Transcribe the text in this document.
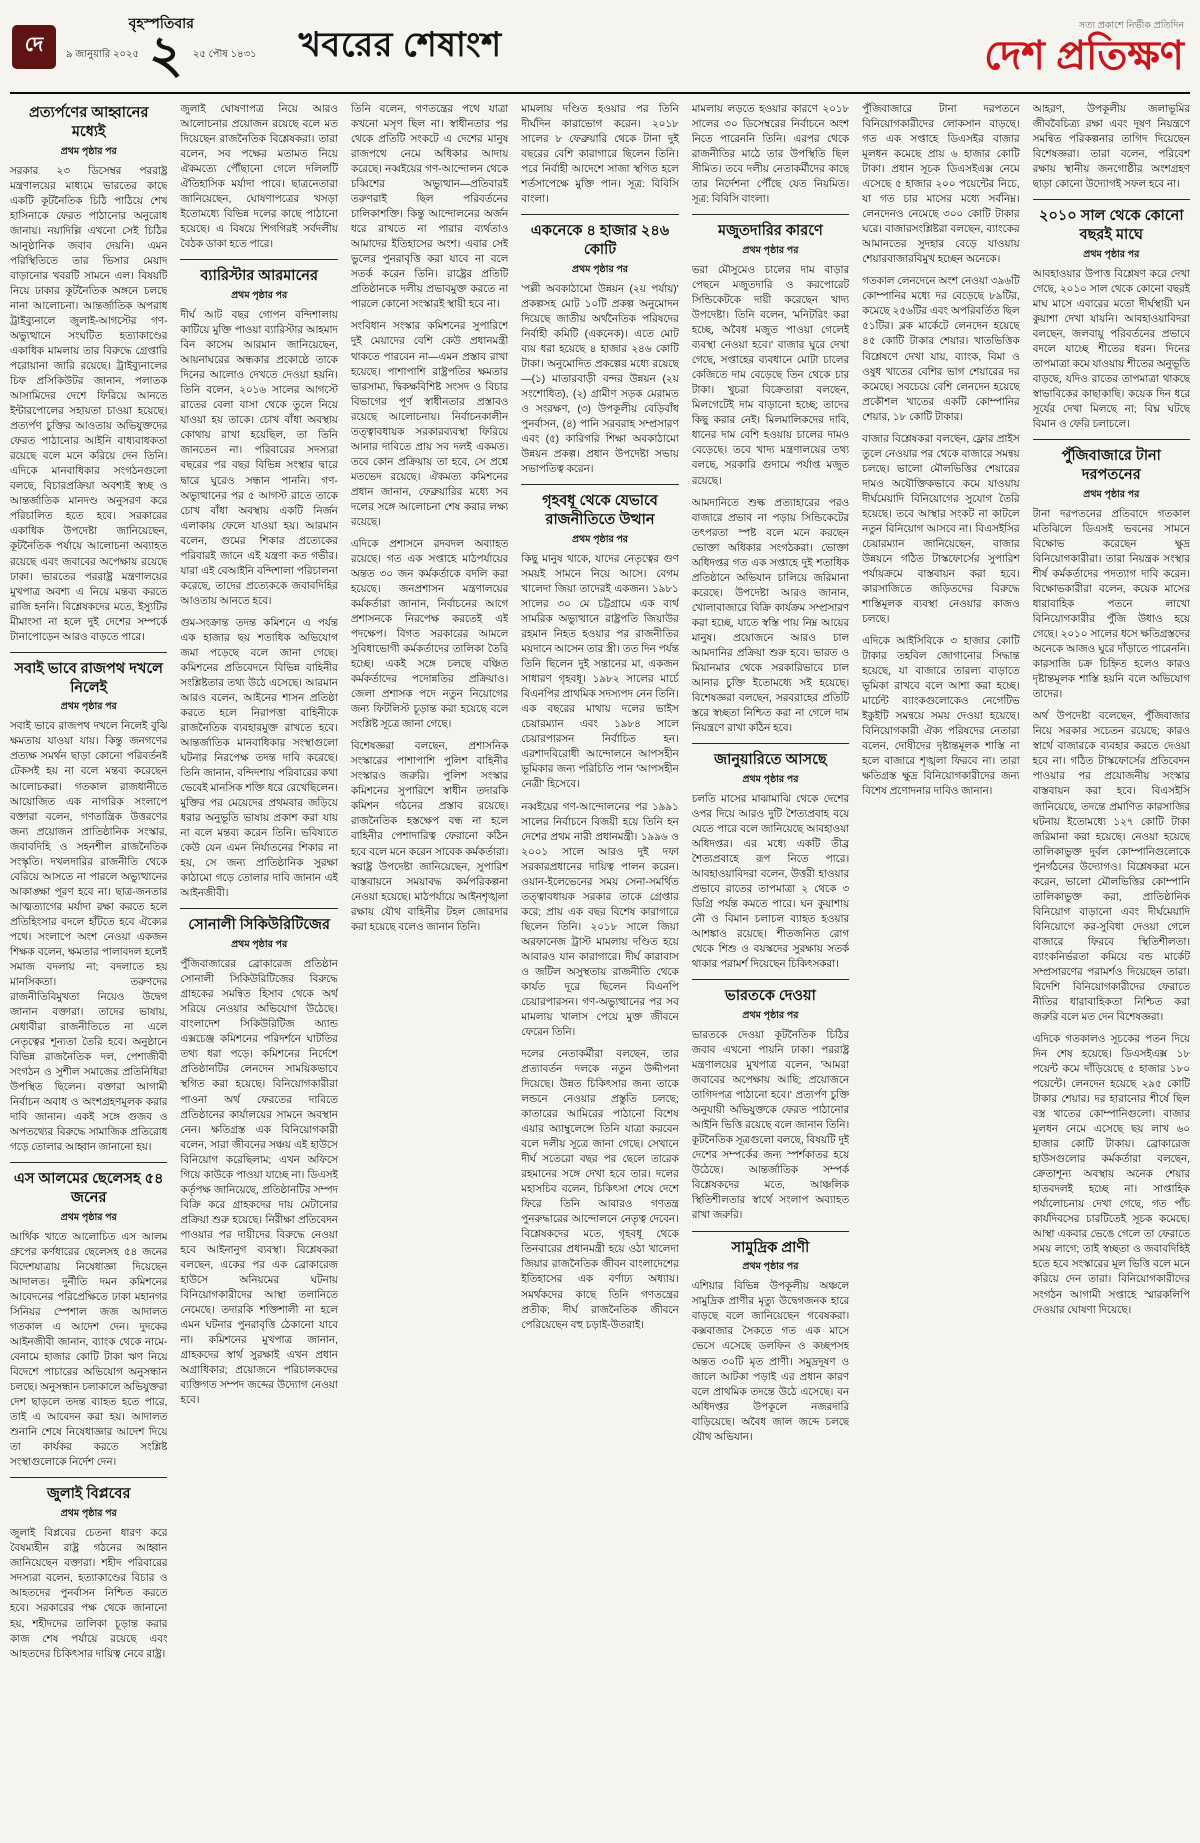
দে
বৃহস্পতিবার
৯ জানুয়ারি ২০২৫ ২ ২৫ পৌষ ১৪৩১ খবরের শেষাংশ
সত্য প্রকাশে নির্ভীক প্রতিদিন
দেশ প্রতিক্ষণ
প্রত্যর্পণের আহ্বানের মধ্যেই
প্রথম পৃষ্ঠার পর

সরকার ২৩ ডিসেম্বর পররাষ্ট্র মন্ত্রণালয়ের মাধ্যমে ভারতের কাছে একটি কূটনৈতিক চিঠি পাঠিয়ে শেখ হাসিনাকে ফেরত পাঠানোর অনুরোধ জানায়। নয়াদিল্লি এখনো সেই চিঠির আনুষ্ঠানিক জবাব দেয়নি। এমন পরিস্থিতিতে তার ভিসার মেয়াদ বাড়ানোর খবরটি সামনে এল। বিষয়টি নিয়ে ঢাকার কূটনৈতিক অঙ্গনে চলছে নানা আলোচনা। আন্তর্জাতিক অপরাধ ট্রাইব্যুনালে জুলাই-আগস্টের গণ-অভ্যুত্থানে সংঘটিত হত্যাকাণ্ডের একাধিক মামলায় তার বিরুদ্ধে গ্রেপ্তারি পরোয়ানা জারি রয়েছে। ট্রাইব্যুনালের চিফ প্রসিকিউটর জানান, পলাতক আসামিদের দেশে ফিরিয়ে আনতে ইন্টারপোলের সহায়তা চাওয়া হয়েছে। প্রত্যর্পণ চুক্তির আওতায় অভিযুক্তদের ফেরত পাঠানোর আইনি বাধ্যবাধকতা রয়েছে বলে মনে করিয়ে দেন তিনি। এদিকে মানবাধিকার সংগঠনগুলো বলছে, বিচারপ্রক্রিয়া অবশ্যই স্বচ্ছ ও আন্তর্জাতিক মানদণ্ড অনুসরণ করে পরিচালিত হতে হবে। সরকারের একাধিক উপদেষ্টা জানিয়েছেন, কূটনৈতিক পর্যায়ে আলোচনা অব্যাহত রয়েছে এবং জবাবের অপেক্ষায় রয়েছে ঢাকা। ভারতের পররাষ্ট্র মন্ত্রণালয়ের মুখপাত্র অবশ্য এ নিয়ে মন্তব্য করতে রাজি হননি। বিশ্লেষকদের মতে, ইস্যুটির মীমাংসা না হলে দুই দেশের সম্পর্কে টানাপোড়েন আরও বাড়তে পারে।

সবাই ভাবে রাজপথ দখলে নিলেই
প্রথম পৃষ্ঠার পর

সবাই ভাবে রাজপথ দখলে নিলেই বুঝি ক্ষমতায় যাওয়া যায়। কিন্তু জনগণের প্রত্যক্ষ সমর্থন ছাড়া কোনো পরিবর্তনই টেকসই হয় না বলে মন্তব্য করেছেন আলোচকরা। গতকাল রাজধানীতে আয়োজিত এক নাগরিক সংলাপে বক্তারা বলেন, গণতান্ত্রিক উত্তরণের জন্য প্রয়োজন প্রাতিষ্ঠানিক সংস্কার, জবাবদিহি ও সহনশীল রাজনৈতিক সংস্কৃতি। দখলদারির রাজনীতি থেকে বেরিয়ে আসতে না পারলে অভ্যুত্থানের আকাঙ্ক্ষা পূরণ হবে না। ছাত্র-জনতার আত্মত্যাগের মর্যাদা রক্ষা করতে হলে প্রতিহিংসার বদলে হাঁটতে হবে ঐক্যের পথে। সংলাপে অংশ নেওয়া একজন শিক্ষক বলেন, ক্ষমতার পালাবদল হলেই সমাজ বদলায় না; বদলাতে হয় মানসিকতা। তরুণদের রাজনীতিবিমুখতা নিয়েও উদ্বেগ জানান বক্তারা। তাদের ভাষায়, মেধাবীরা রাজনীতিতে না এলে নেতৃত্বের শূন্যতা তৈরি হবে। অনুষ্ঠানে বিভিন্ন রাজনৈতিক দল, পেশাজীবী সংগঠন ও সুশীল সমাজের প্রতিনিধিরা উপস্থিত ছিলেন। বক্তারা আগামী নির্বাচন অবাধ ও অংশগ্রহণমূলক করার দাবি জানান। একই সঙ্গে গুজব ও অপতথ্যের বিরুদ্ধে সামাজিক প্রতিরোধ গড়ে তোলার আহ্বান জানানো হয়।

এস আলমের ছেলেসহ ৫৪ জনের
প্রথম পৃষ্ঠার পর

আর্থিক খাতে আলোচিত এস আলম গ্রুপের কর্ণধারের ছেলেসহ ৫৪ জনের বিদেশযাত্রায় নিষেধাজ্ঞা দিয়েছেন আদালত। দুর্নীতি দমন কমিশনের আবেদনের পরিপ্রেক্ষিতে ঢাকা মহানগর সিনিয়র স্পেশাল জজ আদালত গতকাল এ আদেশ দেন। দুদকের আইনজীবী জানান, ব্যাংক থেকে নামে-বেনামে হাজার কোটি টাকা ঋণ নিয়ে বিদেশে পাচারের অভিযোগ অনুসন্ধান চলছে। অনুসন্ধান চলাকালে অভিযুক্তরা দেশ ছাড়লে তদন্ত ব্যাহত হতে পারে, তাই এ আবেদন করা হয়। আদালত শুনানি শেষে নিষেধাজ্ঞার আদেশ দিয়ে তা কার্যকর করতে সংশ্লিষ্ট সংস্থাগুলোকে নির্দেশ দেন।

জুলাই বিপ্লবের
প্রথম পৃষ্ঠার পর

জুলাই বিপ্লবের চেতনা ধারণ করে বৈষম্যহীন রাষ্ট্র গঠনের আহ্বান জানিয়েছেন বক্তারা। শহীদ পরিবারের সদস্যরা বলেন, হত্যাকাণ্ডের বিচার ও আহতদের পুনর্বাসন নিশ্চিত করতে হবে। সরকারের পক্ষ থেকে জানানো হয়, শহীদদের তালিকা চূড়ান্ত করার কাজ শেষ পর্যায়ে রয়েছে এবং আহতদের চিকিৎসার দায়িত্ব নেবে রাষ্ট্র।

জুলাই ঘোষণাপত্র নিয়ে আরও আলোচনার প্রয়োজন রয়েছে বলে মত দিয়েছেন রাজনৈতিক বিশ্লেষকরা। তারা বলেন, সব পক্ষের মতামত নিয়ে ঐকমত্যে পৌঁছানো গেলে দলিলটি ঐতিহাসিক মর্যাদা পাবে। ছাত্রনেতারা জানিয়েছেন, ঘোষণাপত্রের খসড়া ইতোমধ্যে বিভিন্ন দলের কাছে পাঠানো হয়েছে। এ বিষয়ে শিগগিরই সর্বদলীয় বৈঠক ডাকা হতে পারে।

ব্যারিস্টার আরমানের
প্রথম পৃষ্ঠার পর

দীর্ঘ আট বছর গোপন বন্দিশালায় কাটিয়ে মুক্তি পাওয়া ব্যারিস্টার আহমাদ বিন কাসেম আরমান জানিয়েছেন, আয়নাঘরের অন্ধকার প্রকোষ্ঠে তাকে দিনের আলোও দেখতে দেওয়া হয়নি। তিনি বলেন, ২০১৬ সালের আগস্টে রাতের বেলা বাসা থেকে তুলে নিয়ে যাওয়া হয় তাকে। চোখ বাঁধা অবস্থায় কোথায় রাখা হয়েছিল, তা তিনি জানতেন না। পরিবারের সদস্যরা বছরের পর বছর বিভিন্ন সংস্থার দ্বারে দ্বারে ঘুরেও সন্ধান পাননি। গণ-অভ্যুত্থানের পর ৫ আগস্ট রাতে তাকে চোখ বাঁধা অবস্থায় একটি নির্জন এলাকায় ফেলে যাওয়া হয়। আরমান বলেন, গুমের শিকার প্রত্যেকের পরিবারই জানে এই যন্ত্রণা কত গভীর। যারা এই বেআইনি বন্দিশালা পরিচালনা করেছে, তাদের প্রত্যেককে জবাবদিহির আওতায় আনতে হবে।

গুম-সংক্রান্ত তদন্ত কমিশনে এ পর্যন্ত এক হাজার ছয় শতাধিক অভিযোগ জমা পড়েছে বলে জানা গেছে। কমিশনের প্রতিবেদনে বিভিন্ন বাহিনীর সংশ্লিষ্টতার তথ্য উঠে এসেছে। আরমান আরও বলেন, আইনের শাসন প্রতিষ্ঠা করতে হলে নিরাপত্তা বাহিনীকে রাজনৈতিক ব্যবহারমুক্ত রাখতে হবে। আন্তর্জাতিক মানবাধিকার সংস্থাগুলো ঘটনার নিরপেক্ষ তদন্ত দাবি করেছে। তিনি জানান, বন্দিদশায় পরিবারের কথা ভেবেই মানসিক শক্তি ধরে রেখেছিলেন। মুক্তির পর মেয়েদের প্রথমবার জড়িয়ে ধরার অনুভূতি ভাষায় প্রকাশ করা যায় না বলে মন্তব্য করেন তিনি। ভবিষ্যতে কেউ যেন এমন নির্যাতনের শিকার না হয়, সে জন্য প্রাতিষ্ঠানিক সুরক্ষা কাঠামো গড়ে তোলার দাবি জানান এই আইনজীবী।

সোনালী সিকিউরিটিজের
প্রথম পৃষ্ঠার পর

পুঁজিবাজারের ব্রোকারেজ প্রতিষ্ঠান সোনালী সিকিউরিটিজের বিরুদ্ধে গ্রাহকের সমন্বিত হিসাব থেকে অর্থ সরিয়ে নেওয়ার অভিযোগ উঠেছে। বাংলাদেশ সিকিউরিটিজ অ্যান্ড এক্সচেঞ্জ কমিশনের পরিদর্শনে ঘাটতির তথ্য ধরা পড়ে। কমিশনের নির্দেশে প্রতিষ্ঠানটির লেনদেন সাময়িকভাবে স্থগিত করা হয়েছে। বিনিয়োগকারীরা পাওনা অর্থ ফেরতের দাবিতে প্রতিষ্ঠানের কার্যালয়ের সামনে অবস্থান নেন। ক্ষতিগ্রস্ত এক বিনিয়োগকারী বলেন, সারা জীবনের সঞ্চয় এই হাউসে বিনিয়োগ করেছিলাম; এখন অফিসে গিয়ে কাউকে পাওয়া যাচ্ছে না। ডিএসই কর্তৃপক্ষ জানিয়েছে, প্রতিষ্ঠানটির সম্পদ বিক্রি করে গ্রাহকদের দায় মেটানোর প্রক্রিয়া শুরু হয়েছে। নিরীক্ষা প্রতিবেদন পাওয়ার পর দায়ীদের বিরুদ্ধে নেওয়া হবে আইনানুগ ব্যবস্থা। বিশ্লেষকরা বলছেন, একের পর এক ব্রোকারেজ হাউসে অনিয়মের ঘটনায় বিনিয়োগকারীদের আস্থা তলানিতে নেমেছে। তদারকি শক্তিশালী না হলে এমন ঘটনার পুনরাবৃত্তি ঠেকানো যাবে না। কমিশনের মুখপাত্র জানান, গ্রাহকদের স্বার্থ সুরক্ষাই এখন প্রধান অগ্রাধিকার; প্রয়োজনে পরিচালকদের ব্যক্তিগত সম্পদ জব্দের উদ্যোগ নেওয়া হবে।

তিনি বলেন, গণতন্ত্রের পথে যাত্রা কখনো মসৃণ ছিল না। স্বাধীনতার পর থেকে প্রতিটি সংকটে এ দেশের মানুষ রাজপথে নেমে অধিকার আদায় করেছে। নব্বইয়ের গণ-আন্দোলন থেকে চব্বিশের অভ্যুত্থান—প্রতিবারই তরুণরাই ছিল পরিবর্তনের চালিকাশক্তি। কিন্তু আন্দোলনের অর্জন ধরে রাখতে না পারার ব্যর্থতাও আমাদের ইতিহাসের অংশ। এবার সেই ভুলের পুনরাবৃত্তি করা যাবে না বলে সতর্ক করেন তিনি। রাষ্ট্রের প্রতিটি প্রতিষ্ঠানকে দলীয় প্রভাবমুক্ত করতে না পারলে কোনো সংস্কারই স্থায়ী হবে না।

সংবিধান সংস্কার কমিশনের সুপারিশে দুই মেয়াদের বেশি কেউ প্রধানমন্ত্রী থাকতে পারবেন না—এমন প্রস্তাব রাখা হয়েছে। পাশাপাশি রাষ্ট্রপতির ক্ষমতার ভারসাম্য, দ্বিকক্ষবিশিষ্ট সংসদ ও বিচার বিভাগের পূর্ণ স্বাধীনতার প্রস্তাবও রয়েছে আলোচনায়। নির্বাচনকালীন তত্ত্বাবধায়ক সরকারব্যবস্থা ফিরিয়ে আনার দাবিতে প্রায় সব দলই একমত। তবে কোন প্রক্রিয়ায় তা হবে, সে প্রশ্নে মতভেদ রয়েছে। ঐকমত্য কমিশনের প্রধান জানান, ফেব্রুয়ারির মধ্যে সব দলের সঙ্গে আলোচনা শেষ করার লক্ষ্য রয়েছে।

এদিকে প্রশাসনে রদবদল অব্যাহত রয়েছে। গত এক সপ্তাহে মাঠপর্যায়ের অন্তত ৩০ জন কর্মকর্তাকে বদলি করা হয়েছে। জনপ্রশাসন মন্ত্রণালয়ের কর্মকর্তারা জানান, নির্বাচনের আগে প্রশাসনকে নিরপেক্ষ করতেই এই পদক্ষেপ। বিগত সরকারের আমলে সুবিধাভোগী কর্মকর্তাদের তালিকা তৈরি হচ্ছে। একই সঙ্গে চলছে বঞ্চিত কর্মকর্তাদের পদোন্নতির প্রক্রিয়াও। জেলা প্রশাসক পদে নতুন নিয়োগের জন্য ফিটলিস্ট চূড়ান্ত করা হয়েছে বলে সংশ্লিষ্ট সূত্রে জানা গেছে।

বিশেষজ্ঞরা বলছেন, প্রশাসনিক সংস্কারের পাশাপাশি পুলিশ বাহিনীর সংস্কারও জরুরি। পুলিশ সংস্কার কমিশনের সুপারিশে স্বাধীন তদারকি কমিশন গঠনের প্রস্তাব রয়েছে। রাজনৈতিক হস্তক্ষেপ বন্ধ না হলে বাহিনীর পেশাদারিত্ব ফেরানো কঠিন হবে বলে মনে করেন সাবেক কর্মকর্তারা। স্বরাষ্ট্র উপদেষ্টা জানিয়েছেন, সুপারিশ বাস্তবায়নে সময়াবদ্ধ কর্মপরিকল্পনা নেওয়া হয়েছে। মাঠপর্যায়ে আইনশৃঙ্খলা রক্ষায় যৌথ বাহিনীর টহল জোরদার করা হয়েছে বলেও জানান তিনি।

মামলায় দণ্ডিত হওয়ার পর তিনি দীর্ঘদিন কারাভোগ করেন। ২০১৮ সালের ৮ ফেব্রুয়ারি থেকে টানা দুই বছরের বেশি কারাগারে ছিলেন তিনি। পরে নির্বাহী আদেশে সাজা স্থগিত হলে শর্তসাপেক্ষে মুক্তি পান। সূত্র: বিবিসি বাংলা।

একনেকে ৪ হাজার ২৪৬ কোটি
প্রথম পৃষ্ঠার পর

'পল্লী অবকাঠামো উন্নয়ন (২য় পর্যায়)' প্রকল্পসহ মোট ১০টি প্রকল্প অনুমোদন দিয়েছে জাতীয় অর্থনৈতিক পরিষদের নির্বাহী কমিটি (একনেক)। এতে মোট ব্যয় ধরা হয়েছে ৪ হাজার ২৪৬ কোটি টাকা। অনুমোদিত প্রকল্পের মধ্যে রয়েছে—(১) মাতারবাড়ী বন্দর উন্নয়ন (২য় সংশোধিত), (২) গ্রামীণ সড়ক মেরামত ও সংরক্ষণ, (৩) উপকূলীয় বেড়িবাঁধ পুনর্বাসন, (৪) পানি সরবরাহ সম্প্রসারণ এবং (৫) কারিগরি শিক্ষা অবকাঠামো উন্নয়ন প্রকল্প। প্রধান উপদেষ্টা সভায় সভাপতিত্ব করেন।

গৃহবধূ থেকে যেভাবে রাজনীতিতে উত্থান
প্রথম পৃষ্ঠার পর

কিছু মানুষ থাকে, যাদের নেতৃত্বের গুণ সময়ই সামনে নিয়ে আসে। বেগম খালেদা জিয়া তাদেরই একজন। ১৯৮১ সালের ৩০ মে চট্টগ্রামে এক ব্যর্থ সামরিক অভ্যুত্থানে রাষ্ট্রপতি জিয়াউর রহমান নিহত হওয়ার পর রাজনীতির ময়দানে আসেন তার স্ত্রী। তত দিন পর্যন্ত তিনি ছিলেন দুই সন্তানের মা, একজন সাধারণ গৃহবধূ। ১৯৮২ সালের মার্চে বিএনপির প্রাথমিক সদস্যপদ নেন তিনি। এক বছরের মাথায় দলের ভাইস চেয়ারম্যান এবং ১৯৮৪ সালে চেয়ারপারসন নির্বাচিত হন। এরশাদবিরোধী আন্দোলনে আপসহীন ভূমিকার জন্য পরিচিতি পান 'আপসহীন নেত্রী' হিসেবে।

নব্বইয়ের গণ-আন্দোলনের পর ১৯৯১ সালের নির্বাচনে বিজয়ী হয়ে তিনি হন দেশের প্রথম নারী প্রধানমন্ত্রী। ১৯৯৬ ও ২০০১ সালে আরও দুই দফা সরকারপ্রধানের দায়িত্ব পালন করেন। ওয়ান-ইলেভেনের সময় সেনা-সমর্থিত তত্ত্বাবধায়ক সরকার তাকে গ্রেপ্তার করে; প্রায় এক বছর বিশেষ কারাগারে ছিলেন তিনি। ২০১৮ সালে জিয়া অরফানেজ ট্রাস্ট মামলায় দণ্ডিত হয়ে আবারও যান কারাগারে। দীর্ঘ কারাবাস ও জটিল অসুস্থতায় রাজনীতি থেকে কার্যত দূরে ছিলেন বিএনপি চেয়ারপারসন। গণ-অভ্যুত্থানের পর সব মামলায় খালাস পেয়ে মুক্ত জীবনে ফেরেন তিনি।

দলের নেতাকর্মীরা বলছেন, তার প্রত্যাবর্তন দলকে নতুন উদ্দীপনা দিয়েছে। উন্নত চিকিৎসার জন্য তাকে লন্ডনে নেওয়ার প্রস্তুতি চলছে; কাতারের আমিরের পাঠানো বিশেষ এয়ার অ্যাম্বুলেন্সে তিনি যাত্রা করবেন বলে দলীয় সূত্রে জানা গেছে। সেখানে দীর্ঘ সতেরো বছর পর ছেলে তারেক রহমানের সঙ্গে দেখা হবে তার। দলের মহাসচিব বলেন, চিকিৎসা শেষে দেশে ফিরে তিনি আবারও গণতন্ত্র পুনরুদ্ধারের আন্দোলনে নেতৃত্ব দেবেন। বিশ্লেষকদের মতে, গৃহবধূ থেকে তিনবারের প্রধানমন্ত্রী হয়ে ওঠা খালেদা জিয়ার রাজনৈতিক জীবন বাংলাদেশের ইতিহাসের এক বর্ণাঢ্য অধ্যায়। সমর্থকদের কাছে তিনি গণতন্ত্রের প্রতীক; দীর্ঘ রাজনৈতিক জীবনে পেরিয়েছেন বহু চড়াই-উতরাই।

মামলায় লড়তে হওয়ার কারণে ২০১৮ সালের ৩০ ডিসেম্বরের নির্বাচনে অংশ নিতে পারেননি তিনি। এরপর থেকে রাজনীতির মাঠে তার উপস্থিতি ছিল সীমিত। তবে দলীয় নেতাকর্মীদের কাছে তার নির্দেশনা পৌঁছে যেত নিয়মিত। সূত্র: বিবিসি বাংলা।

মজুতদারির কারণে
প্রথম পৃষ্ঠার পর

ভরা মৌসুমেও চালের দাম বাড়ার পেছনে মজুতদারি ও করপোরেট সিন্ডিকেটকে দায়ী করেছেন খাদ্য উপদেষ্টা। তিনি বলেন, 'মনিটরিং করা হচ্ছে, অবৈধ মজুত পাওয়া গেলেই ব্যবস্থা নেওয়া হবে।' বাজার ঘুরে দেখা গেছে, সপ্তাহের ব্যবধানে মোটা চালের কেজিতে দাম বেড়েছে তিন থেকে চার টাকা। খুচরা বিক্রেতারা বলছেন, মিলগেটেই দাম বাড়ানো হচ্ছে; তাদের কিছু করার নেই। মিলমালিকদের দাবি, ধানের দাম বেশি হওয়ায় চালের দামও বেড়েছে। তবে খাদ্য মন্ত্রণালয়ের তথ্য বলছে, সরকারি গুদামে পর্যাপ্ত মজুত রয়েছে।

আমদানিতে শুল্ক প্রত্যাহারের পরও বাজারে প্রভাব না পড়ায় সিন্ডিকেটের তৎপরতা স্পষ্ট বলে মনে করছেন ভোক্তা অধিকার সংগঠকরা। ভোক্তা অধিদপ্তর গত এক সপ্তাহে দুই শতাধিক প্রতিষ্ঠানে অভিযান চালিয়ে জরিমানা করেছে। উপদেষ্টা আরও জানান, খোলাবাজারে বিক্রি কার্যক্রম সম্প্রসারণ করা হচ্ছে, যাতে স্বস্তি পায় নিম্ন আয়ের মানুষ। প্রয়োজনে আরও চাল আমদানির প্রক্রিয়া শুরু হবে। ভারত ও মিয়ানমার থেকে সরকারিভাবে চাল আনার চুক্তি ইতোমধ্যে সই হয়েছে। বিশেষজ্ঞরা বলছেন, সরবরাহের প্রতিটি স্তরে স্বচ্ছতা নিশ্চিত করা না গেলে দাম নিয়ন্ত্রণে রাখা কঠিন হবে।

জানুয়ারিতে আসছে
প্রথম পৃষ্ঠার পর

চলতি মাসের মাঝামাঝি থেকে দেশের ওপর দিয়ে আরও দুটি শৈত্যপ্রবাহ বয়ে যেতে পারে বলে জানিয়েছে আবহাওয়া অধিদপ্তর। এর মধ্যে একটি তীব্র শৈত্যপ্রবাহে রূপ নিতে পারে। আবহাওয়াবিদরা বলেন, উত্তরী হাওয়ার প্রভাবে রাতের তাপমাত্রা ২ থেকে ৩ ডিগ্রি পর্যন্ত কমতে পারে। ঘন কুয়াশায় নৌ ও বিমান চলাচল ব্যাহত হওয়ার আশঙ্কাও রয়েছে। শীতজনিত রোগ থেকে শিশু ও বয়স্কদের সুরক্ষায় সতর্ক থাকার পরামর্শ দিয়েছেন চিকিৎসকরা।

ভারতকে দেওয়া
প্রথম পৃষ্ঠার পর

ভারতকে দেওয়া কূটনৈতিক চিঠির জবাব এখনো পায়নি ঢাকা। পররাষ্ট্র মন্ত্রণালয়ের মুখপাত্র বলেন, 'আমরা জবাবের অপেক্ষায় আছি; প্রয়োজনে তাগিদপত্র পাঠানো হবে।' প্রত্যর্পণ চুক্তি অনুযায়ী অভিযুক্তকে ফেরত পাঠানোর আইনি ভিত্তি রয়েছে বলে জানান তিনি। কূটনৈতিক সূত্রগুলো বলছে, বিষয়টি দুই দেশের সম্পর্কের জন্য স্পর্শকাতর হয়ে উঠেছে। আন্তর্জাতিক সম্পর্ক বিশ্লেষকদের মতে, আঞ্চলিক স্থিতিশীলতার স্বার্থে সংলাপ অব্যাহত রাখা জরুরি।

সামুদ্রিক প্রাণী
প্রথম পৃষ্ঠার পর

এশিয়ার বিভিন্ন উপকূলীয় অঞ্চলে সামুদ্রিক প্রাণীর মৃত্যু উদ্বেগজনক হারে বাড়ছে বলে জানিয়েছেন গবেষকরা। কক্সবাজার সৈকতে গত এক মাসে ভেসে এসেছে ডলফিন ও কচ্ছপসহ অন্তত ৩০টি মৃত প্রাণী। সমুদ্রদূষণ ও জালে আটকা পড়াই এর প্রধান কারণ বলে প্রাথমিক তদন্তে উঠে এসেছে। বন অধিদপ্তর উপকূলে নজরদারি বাড়িয়েছে। অবৈধ জাল জব্দে চলছে যৌথ অভিযান।

পুঁজিবাজারে টানা দরপতনে বিনিয়োগকারীদের লোকসান বাড়ছে। গত এক সপ্তাহে ডিএসইর বাজার মূলধন কমেছে প্রায় ৬ হাজার কোটি টাকা। প্রধান সূচক ডিএসইএক্স নেমে এসেছে ৫ হাজার ২০০ পয়েন্টের নিচে, যা গত চার মাসের মধ্যে সর্বনিম্ন। লেনদেনও নেমেছে ৩০০ কোটি টাকার ঘরে। বাজারসংশ্লিষ্টরা বলছেন, ব্যাংকের আমানতের সুদহার বেড়ে যাওয়ায় শেয়ারবাজারবিমুখ হচ্ছেন অনেকে।

গতকাল লেনদেনে অংশ নেওয়া ৩৯৬টি কোম্পানির মধ্যে দর বেড়েছে ৮৯টির, কমেছে ২৫৬টির এবং অপরিবর্তিত ছিল ৫১টির। ব্লক মার্কেটে লেনদেন হয়েছে ৪৫ কোটি টাকার শেয়ার। খাতভিত্তিক বিশ্লেষণে দেখা যায়, ব্যাংক, বিমা ও ওষুধ খাতের বেশির ভাগ শেয়ারের দর কমেছে। সবচেয়ে বেশি লেনদেন হয়েছে প্রকৌশল খাতের একটি কোম্পানির শেয়ার, ১৮ কোটি টাকার।

বাজার বিশ্লেষকরা বলছেন, ফ্লোর প্রাইস তুলে নেওয়ার পর থেকে বাজারে সমন্বয় চলছে। ভালো মৌলভিত্তির শেয়ারের দামও অযৌক্তিকভাবে কমে যাওয়ায় দীর্ঘমেয়াদি বিনিয়োগের সুযোগ তৈরি হয়েছে। তবে আস্থার সংকট না কাটলে নতুন বিনিয়োগ আসবে না। বিএসইসির চেয়ারম্যান জানিয়েছেন, বাজার উন্নয়নে গঠিত টাস্কফোর্সের সুপারিশ পর্যায়ক্রমে বাস্তবায়ন করা হবে। কারসাজিতে জড়িতদের বিরুদ্ধে শাস্তিমূলক ব্যবস্থা নেওয়ার কাজও চলছে।

এদিকে আইসিবিকে ৩ হাজার কোটি টাকার তহবিল জোগানোর সিদ্ধান্ত হয়েছে, যা বাজারে তারল্য বাড়াতে ভূমিকা রাখবে বলে আশা করা হচ্ছে। মার্চেন্ট ব্যাংকগুলোকেও নেগেটিভ ইকুইটি সমন্বয়ে সময় দেওয়া হয়েছে। বিনিয়োগকারী ঐক্য পরিষদের নেতারা বলেন, দোষীদের দৃষ্টান্তমূলক শাস্তি না হলে বাজারে শৃঙ্খলা ফিরবে না। তারা ক্ষতিগ্রস্ত ক্ষুদ্র বিনিয়োগকারীদের জন্য বিশেষ প্রণোদনার দাবিও জানান।

আহরণ, উপকূলীয় জলাভূমির জীববৈচিত্র্য রক্ষা এবং দূষণ নিয়ন্ত্রণে সমন্বিত পরিকল্পনার তাগিদ দিয়েছেন বিশেষজ্ঞরা। তারা বলেন, পরিবেশ রক্ষায় স্থানীয় জনগোষ্ঠীর অংশগ্রহণ ছাড়া কোনো উদ্যোগই সফল হবে না।

২০১০ সাল থেকে কোনো বছরই মাঘে
প্রথম পৃষ্ঠার পর

আবহাওয়ার উপাত্ত বিশ্লেষণ করে দেখা গেছে, ২০১০ সাল থেকে কোনো বছরই মাঘ মাসে এবারের মতো দীর্ঘস্থায়ী ঘন কুয়াশা দেখা যায়নি। আবহাওয়াবিদরা বলছেন, জলবায়ু পরিবর্তনের প্রভাবে বদলে যাচ্ছে শীতের ধরন। দিনের তাপমাত্রা কমে যাওয়ায় শীতের অনুভূতি বাড়ছে, যদিও রাতের তাপমাত্রা থাকছে স্বাভাবিকের কাছাকাছি। কয়েক দিন ধরে সূর্যের দেখা মিলছে না; বিঘ্ন ঘটছে বিমান ও ফেরি চলাচলে।

পুঁজিবাজারে টানা দরপতনের
প্রথম পৃষ্ঠার পর

টানা দরপতনের প্রতিবাদে গতকাল মতিঝিলে ডিএসই ভবনের সামনে বিক্ষোভ করেছেন ক্ষুদ্র বিনিয়োগকারীরা। তারা নিয়ন্ত্রক সংস্থার শীর্ষ কর্মকর্তাদের পদত্যাগ দাবি করেন। বিক্ষোভকারীরা বলেন, কয়েক মাসের ধারাবাহিক পতনে লাখো বিনিয়োগকারীর পুঁজি উধাও হয়ে গেছে। ২০১০ সালের ধসে ক্ষতিগ্রস্তদের অনেকে আজও ঘুরে দাঁড়াতে পারেননি। কারসাজি চক্র চিহ্নিত হলেও কারও দৃষ্টান্তমূলক শাস্তি হয়নি বলে অভিযোগ তাদের।

অর্থ উপদেষ্টা বলেছেন, পুঁজিবাজার নিয়ে সরকার সচেতন রয়েছে; কারও স্বার্থে বাজারকে ব্যবহার করতে দেওয়া হবে না। গঠিত টাস্কফোর্সের প্রতিবেদন পাওয়ার পর প্রয়োজনীয় সংস্কার বাস্তবায়ন করা হবে। বিএসইসি জানিয়েছে, তদন্তে প্রমাণিত কারসাজির ঘটনায় ইতোমধ্যে ১২৭ কোটি টাকা জরিমানা করা হয়েছে। নেওয়া হয়েছে তালিকাভুক্ত দুর্বল কোম্পানিগুলোকে পুনর্গঠনের উদ্যোগও। বিশ্লেষকরা মনে করেন, ভালো মৌলভিত্তির কোম্পানি তালিকাভুক্ত করা, প্রাতিষ্ঠানিক বিনিয়োগ বাড়ানো এবং দীর্ঘমেয়াদি বিনিয়োগে কর-সুবিধা দেওয়া গেলে বাজারে ফিরবে স্থিতিশীলতা। ব্যাংকনির্ভরতা কমিয়ে বন্ড মার্কেট সম্প্রসারণের পরামর্শও দিয়েছেন তারা। বিদেশি বিনিয়োগকারীদের ফেরাতে নীতির ধারাবাহিকতা নিশ্চিত করা জরুরি বলে মত দেন বিশেষজ্ঞরা।

এদিকে গতকালও সূচকের পতন দিয়ে দিন শেষ হয়েছে। ডিএসইএক্স ১৮ পয়েন্ট কমে দাঁড়িয়েছে ৫ হাজার ১৮০ পয়েন্টে। লেনদেন হয়েছে ২৯৫ কোটি টাকার শেয়ার। দর হারানোর শীর্ষে ছিল বস্ত্র খাতের কোম্পানিগুলো। বাজার মূলধন নেমে এসেছে ছয় লাখ ৬০ হাজার কোটি টাকায়। ব্রোকারেজ হাউসগুলোর কর্মকর্তারা বলছেন, ক্রেতাশূন্য অবস্থায় অনেক শেয়ার হাতবদলই হচ্ছে না। সাপ্তাহিক পর্যালোচনায় দেখা গেছে, গত পাঁচ কার্যদিবসের চারটিতেই সূচক কমেছে। আস্থা একবার ভেঙে গেলে তা ফেরাতে সময় লাগে; তাই স্বচ্ছতা ও জবাবদিহিই হতে হবে সংস্কারের মূল ভিত্তি বলে মনে করিয়ে দেন তারা। বিনিয়োগকারীদের সংগঠন আগামী সপ্তাহে স্মারকলিপি দেওয়ার ঘোষণা দিয়েছে।
